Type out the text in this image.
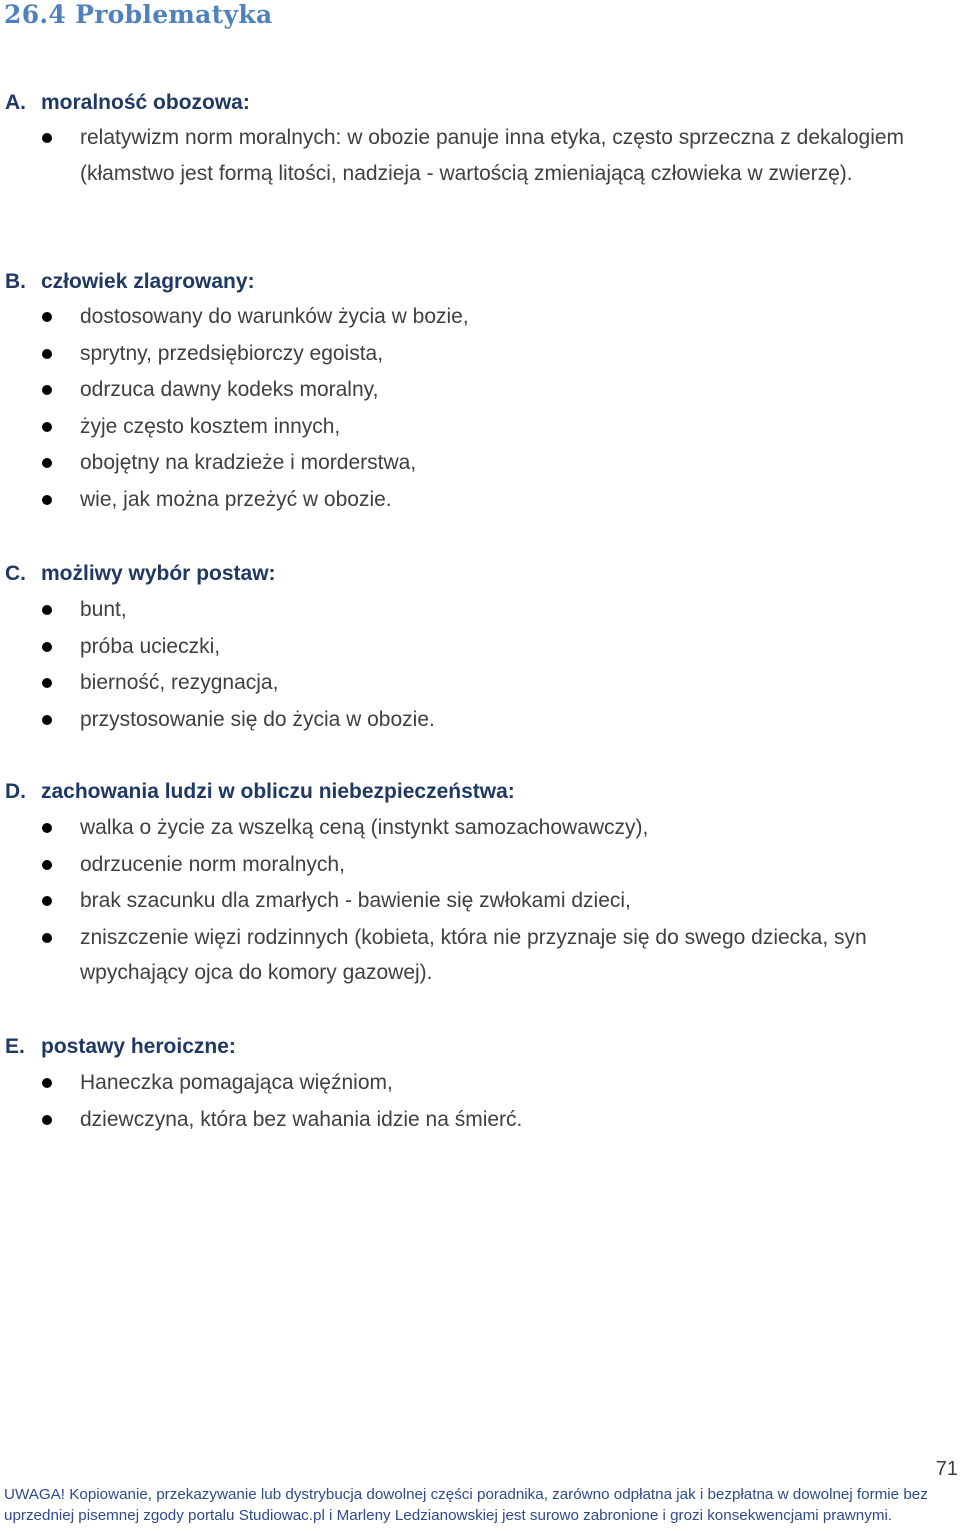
26.4 Problematyka
A. moralność obozowa:
relatywizm norm moralnych: w obozie panuje inna etyka, często sprzeczna z dekalogiem (kłamstwo jest formą litości, nadzieja - wartością zmieniającą człowieka w zwierzę).
B. człowiek zlagrowany:
dostosowany do warunków życia w bozie,
sprytny, przedsiębiorczy egoista,
odrzuca dawny kodeks moralny,
żyje często kosztem innych,
obojętny na kradzieże i morderstwa,
wie, jak można przeżyć w obozie.
C. możliwy wybór postaw:
bunt,
próba ucieczki,
bierność, rezygnacja,
przystosowanie się do życia w obozie.
D. zachowania ludzi w obliczu niebezpieczeństwa:
walka o życie za wszelką ceną (instynkt samozachowawczy),
odrzucenie norm moralnych,
brak szacunku dla zmarłych - bawienie się zwłokami dzieci,
zniszczenie więzi rodzinnych (kobieta, która nie przyznaje się do swego dziecka, syn wpychający ojca do komory gazowej).
E. postawy heroiczne:
Haneczka pomagająca więźniom,
dziewczyna, która bez wahania idzie na śmierć.
71
UWAGA! Kopiowanie, przekazywanie lub dystrybucja dowolnej części poradnika, zarówno odpłatna jak i bezpłatna w dowolnej formie bez
uprzedniej pisemnej zgody portalu Studiowac.pl i Marleny Ledzianowskiej jest surowo zabronione i grozi konsekwencjami prawnymi.
